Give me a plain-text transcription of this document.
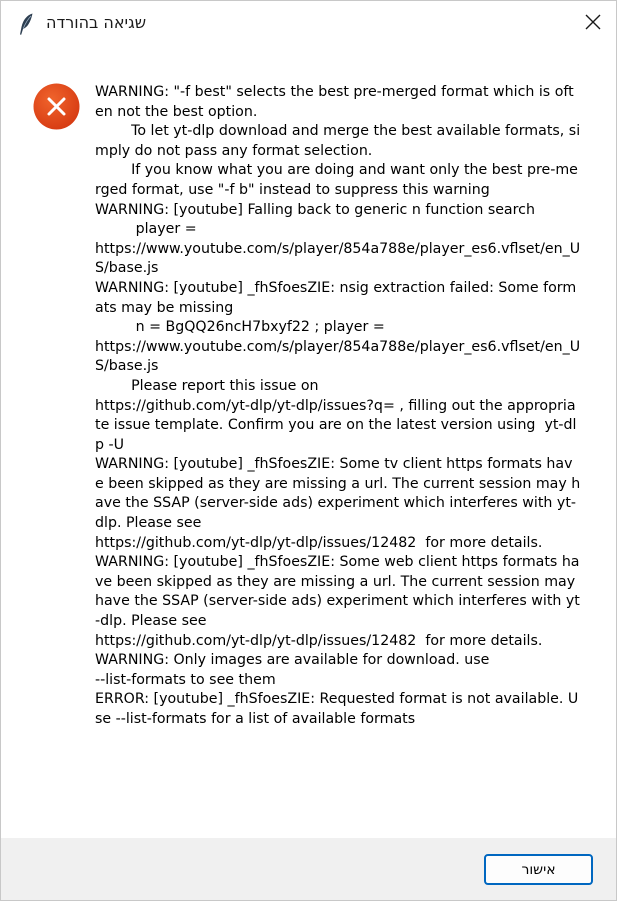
שגיאה בהורדה

WARNING: "-f best" selects the best pre-merged format which is often not the best option.
To let yt-dlp download and merge the best available formats, simply do not pass any format selection.
If you know what you are doing and want only the best pre-merged format, use "-f b" instead to suppress this warning
WARNING: [youtube] Falling back to generic n function search
player =
https://www.youtube.com/s/player/854a788e/player_es6.vflset/en_US/base.js
WARNING: [youtube] _fhSfoesZIE: nsig extraction failed: Some formats may be missing
n = BgQQ26ncH7bxyf22 ; player =
https://www.youtube.com/s/player/854a788e/player_es6.vflset/en_US/base.js
Please report this issue on
https://github.com/yt-dlp/yt-dlp/issues?q= , filling out the appropriate issue template. Confirm you are on the latest version using  yt-dlp -U
WARNING: [youtube] _fhSfoesZIE: Some tv client https formats have been skipped as they are missing a url. The current session may have the SSAP (server-side ads) experiment which interferes with yt-dlp. Please see
https://github.com/yt-dlp/yt-dlp/issues/12482  for more details.
WARNING: [youtube] _fhSfoesZIE: Some web client https formats have been skipped as they are missing a url. The current session may have the SSAP (server-side ads) experiment which interferes with yt-dlp. Please see
https://github.com/yt-dlp/yt-dlp/issues/12482  for more details.
WARNING: Only images are available for download. use
--list-formats to see them
ERROR: [youtube] _fhSfoesZIE: Requested format is not available. Use --list-formats for a list of available formats

אישור
